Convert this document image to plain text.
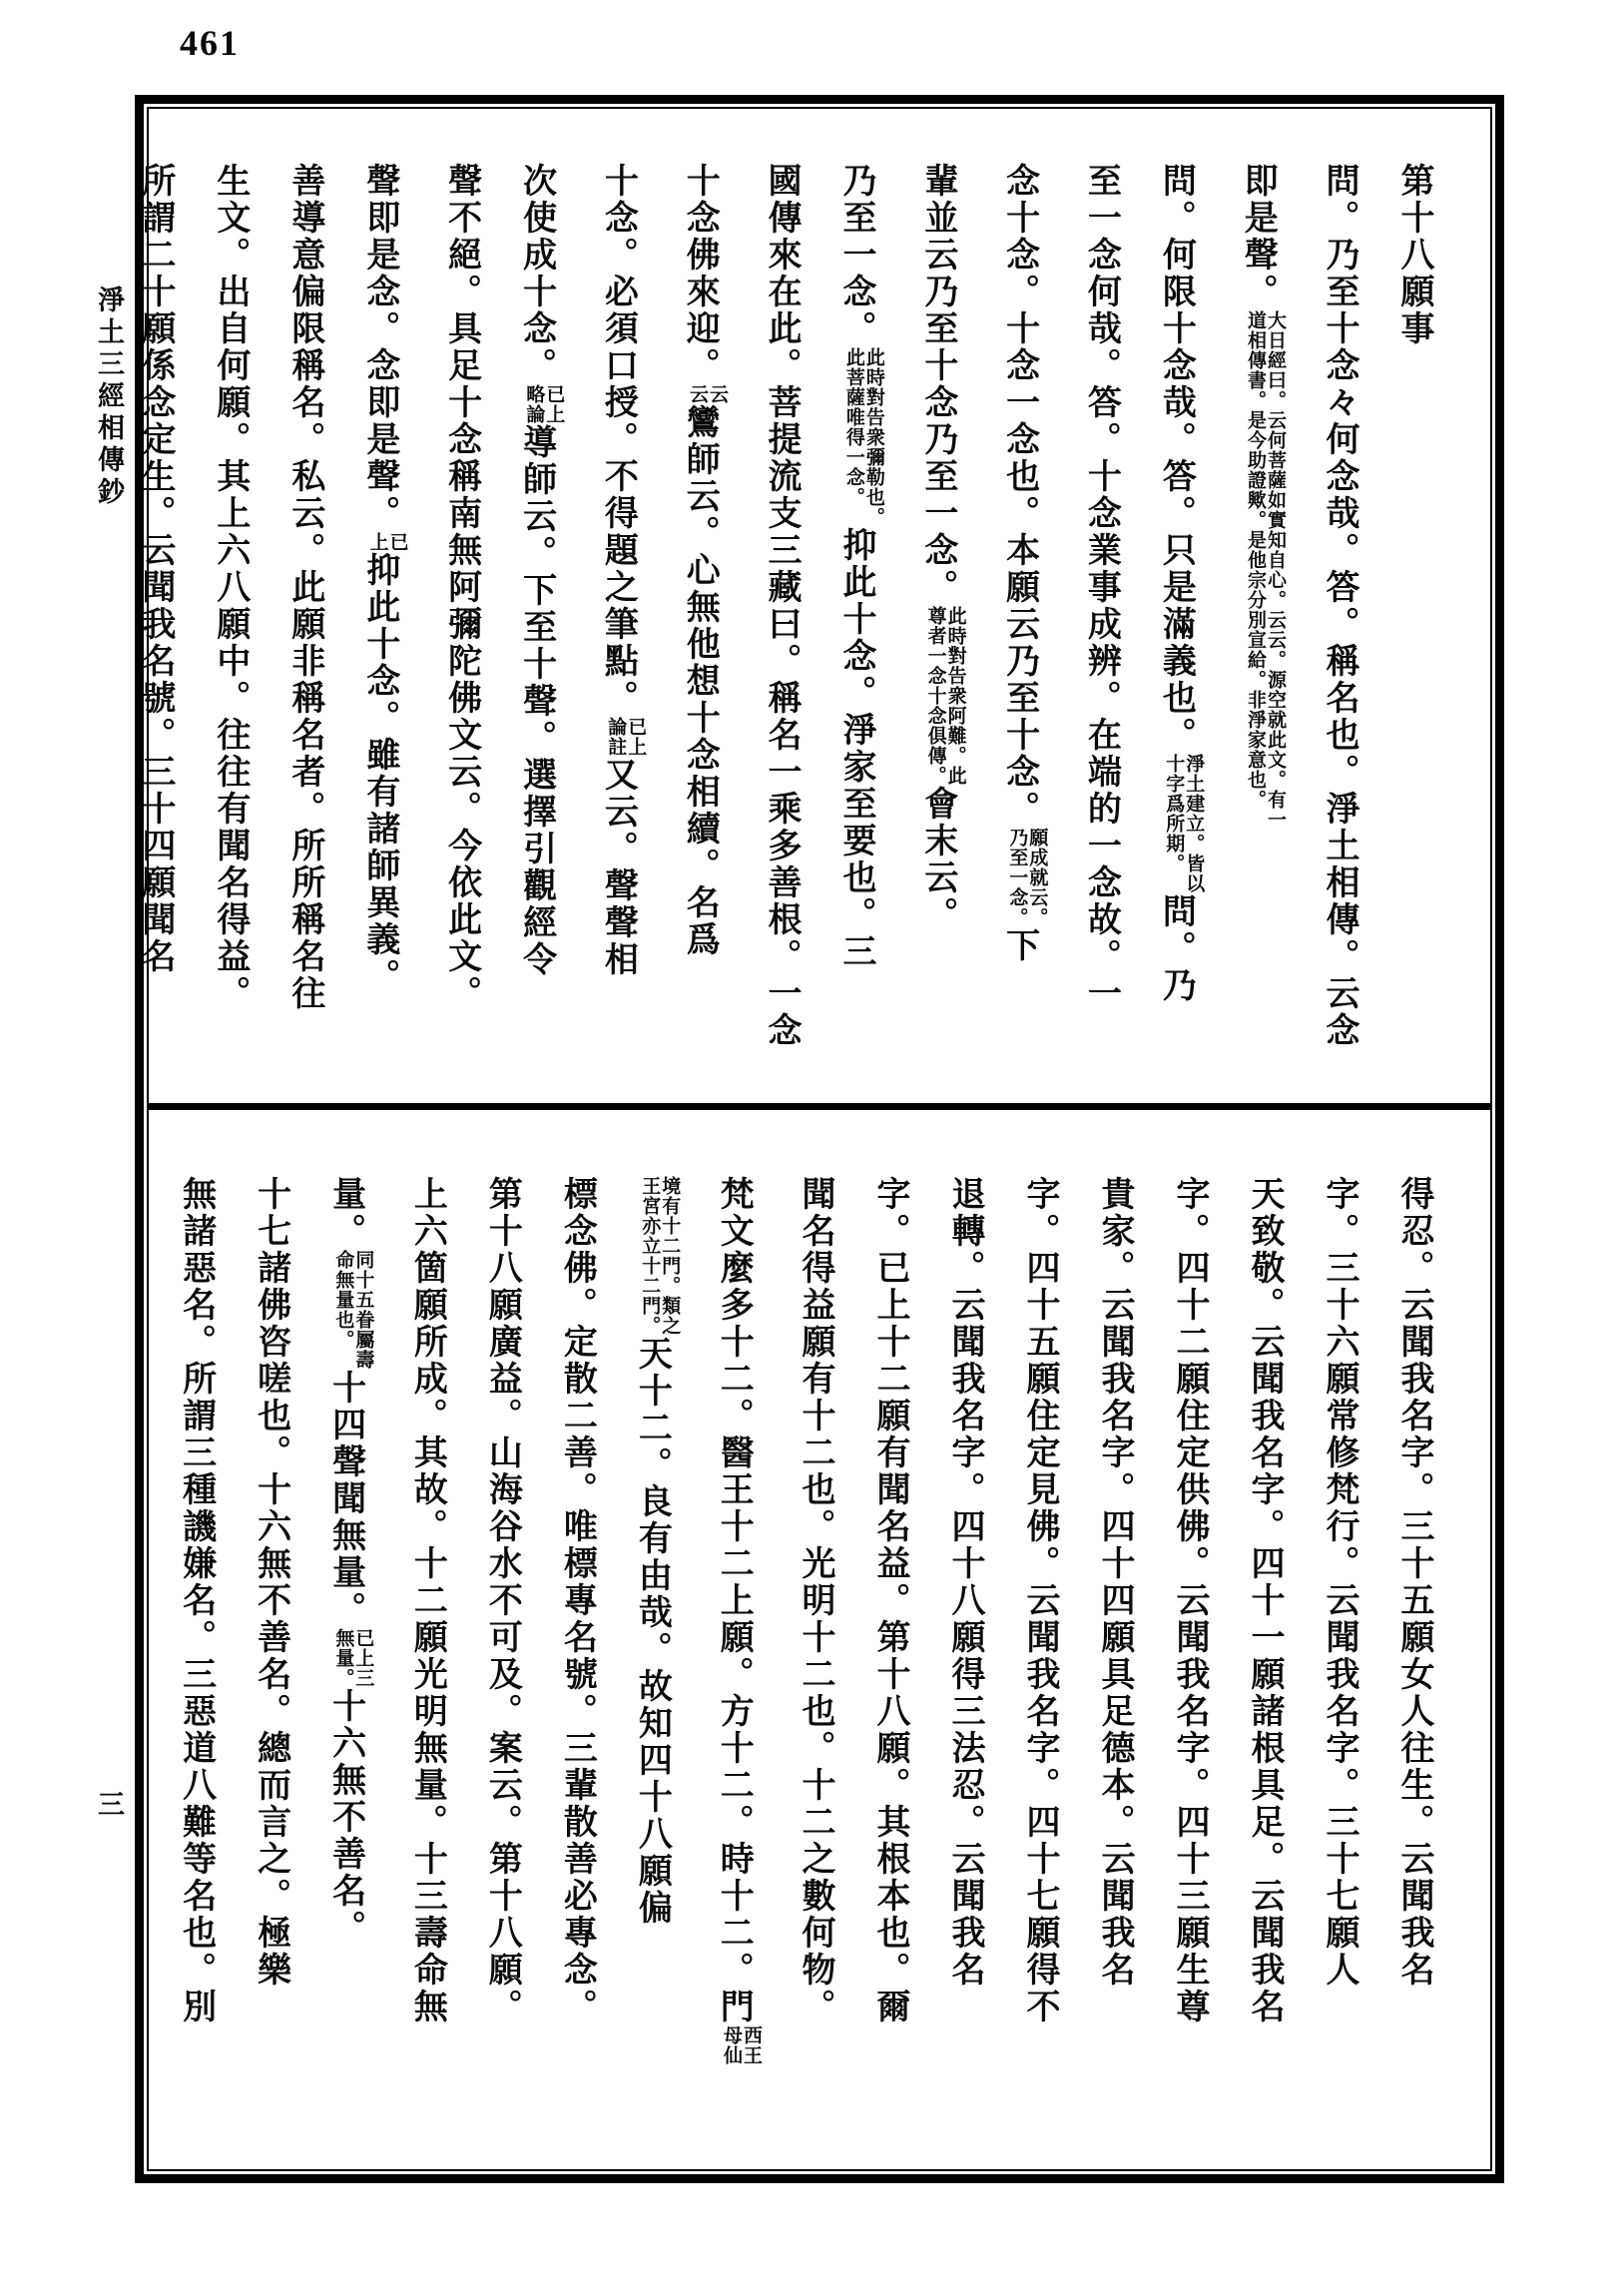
461
淨土三經相傳鈔
三
第十八願事
問。乃至十念々何念哉。答。稱名也。淨土相傳。云念
即是聲。大日經曰。云何菩薩如實知自心。云云。源空就此文。有一道相傳書。是今助證歟。是他宗分別宣給。非淨家意也。
問。何限十念哉。答。只是滿義也。淨土建立。皆以十字爲所期。問。乃
至一念何哉。答。十念業事成辨。在端的一念故。一
念十念。十念一念也。本願云乃至十念。願成就云。乃至一念。下
輩並云乃至十念乃至一念。此時對告衆阿難。此尊者一念十念俱傳。會末云。
乃至一念。此時對告衆彌勒也。此菩薩唯得一念。抑此十念。淨家至要也。三
國傳來在此。菩提流支三藏曰。稱名一乘多善根。一念
十念佛來迎。云云鸞師云。心無他想十念相續。名爲
十念。必須口授。不得題之筆點。已上論註又云。聲聲相
次使成十念。已上略論導師云。下至十聲。選擇引觀經令
聲不絕。具足十念稱南無阿彌陀佛文云。今依此文。
聲即是念。念即是聲。已上抑此十念。雖有諸師異義。
善導意偏限稱名。私云。此願非稱名者。所所稱名往
生文。出自何願。其上六八願中。往往有聞名得益。
所謂二十願係念定生。云聞我名號。三十四願聞名
得忍。云聞我名字。三十五願女人往生。云聞我名
字。三十六願常修梵行。云聞我名字。三十七願人
天致敬。云聞我名字。四十一願諸根具足。云聞我名
字。四十二願住定供佛。云聞我名字。四十三願生尊
貴家。云聞我名字。四十四願具足德本。云聞我名
字。四十五願住定見佛。云聞我名字。四十七願得不
退轉。云聞我名字。四十八願得三法忍。云聞我名
字。已上十二願有聞名益。第十八願。其根本也。爾
聞名得益願有十二也。光明十二也。十二之數何物。
梵文麼多十二。醫王十二上願。方十二。時十二。門西王母仙
境有十二門。類之王宮亦立十二門。天十二。良有由哉。故知四十八願偏
標念佛。定散二善。唯標專名號。三輩散善必專念。
第十八願廣益。山海谷水不可及。案云。第十八願。
上六箇願所成。其故。十二願光明無量。十三壽命無
量。同十五眷屬壽命無量也。十四聲聞無量。已上三無量。十六無不善名。
十七諸佛咨嗟也。十六無不善名。總而言之。極樂
無諸惡名。所謂三種譏嫌名。三惡道八難等名也。別
